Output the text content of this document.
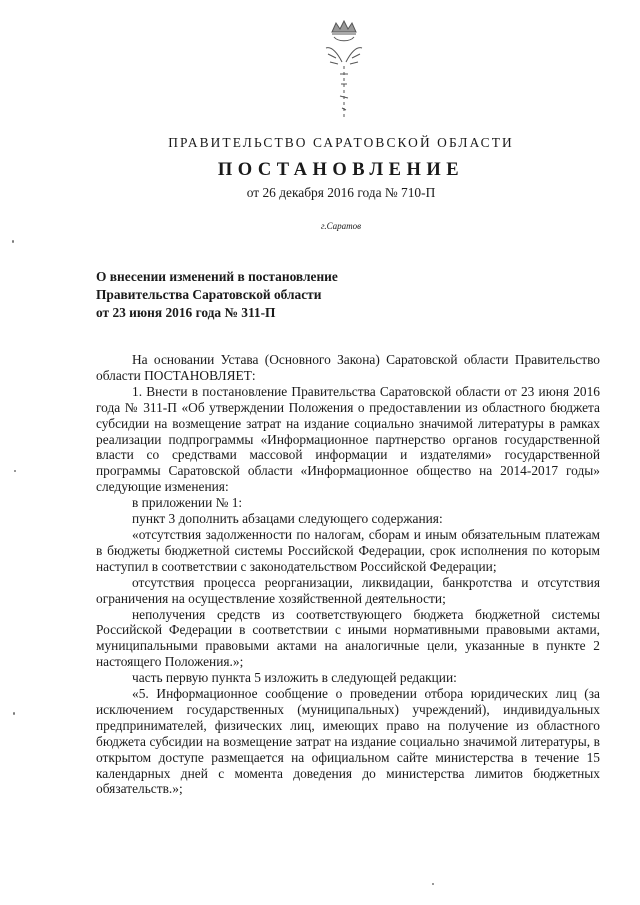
ПРАВИТЕЛЬСТВО САРАТОВСКОЙ ОБЛАСТИ
ПОСТАНОВЛЕНИЕ
от 26 декабря 2016 года № 710-П
г.Саратов
О внесении изменений в постановление
Правительства Саратовской области
от 23 июня 2016 года № 311-П

На основании Устава (Основного Закона) Саратовской области Правительство области ПОСТАНОВЛЯЕТ:

1. Внести в постановление Правительства Саратовской области от 23 июня 2016 года № 311-П «Об утверждении Положения о предоставлении из областного бюджета субсидии на возмещение затрат на издание социально значимой литературы в рамках реализации подпрограммы «Информационное партнерство органов государственной власти со средствами массовой информации и издателями» государственной программы Саратовской области «Информационное общество на 2014-2017 годы» следующие изменения:

в приложении № 1:

пункт 3 дополнить абзацами следующего содержания:

«отсутствия задолженности по налогам, сборам и иным обязательным платежам в бюджеты бюджетной системы Российской Федерации, срок исполнения по которым наступил в соответствии с законодательством Российской Федерации;

отсутствия процесса реорганизации, ликвидации, банкротства и отсутствия ограничения на осуществление хозяйственной деятельности;

неполучения средств из соответствующего бюджета бюджетной системы Российской Федерации в соответствии с иными нормативными правовыми актами, муниципальными правовыми актами на аналогичные цели, указанные в пункте 2 настоящего Положения.»;

часть первую пункта 5 изложить в следующей редакции:

«5. Информационное сообщение о проведении отбора юридических лиц (за исключением государственных (муниципальных) учреждений), индивидуальных предпринимателей, физических лиц, имеющих право на получение из областного бюджета субсидии на возмещение затрат на издание социально значимой литературы, в открытом доступе размещается на официальном сайте министерства в течение 15 календарных дней с момента доведения до министерства лимитов бюджетных обязательств.»;
